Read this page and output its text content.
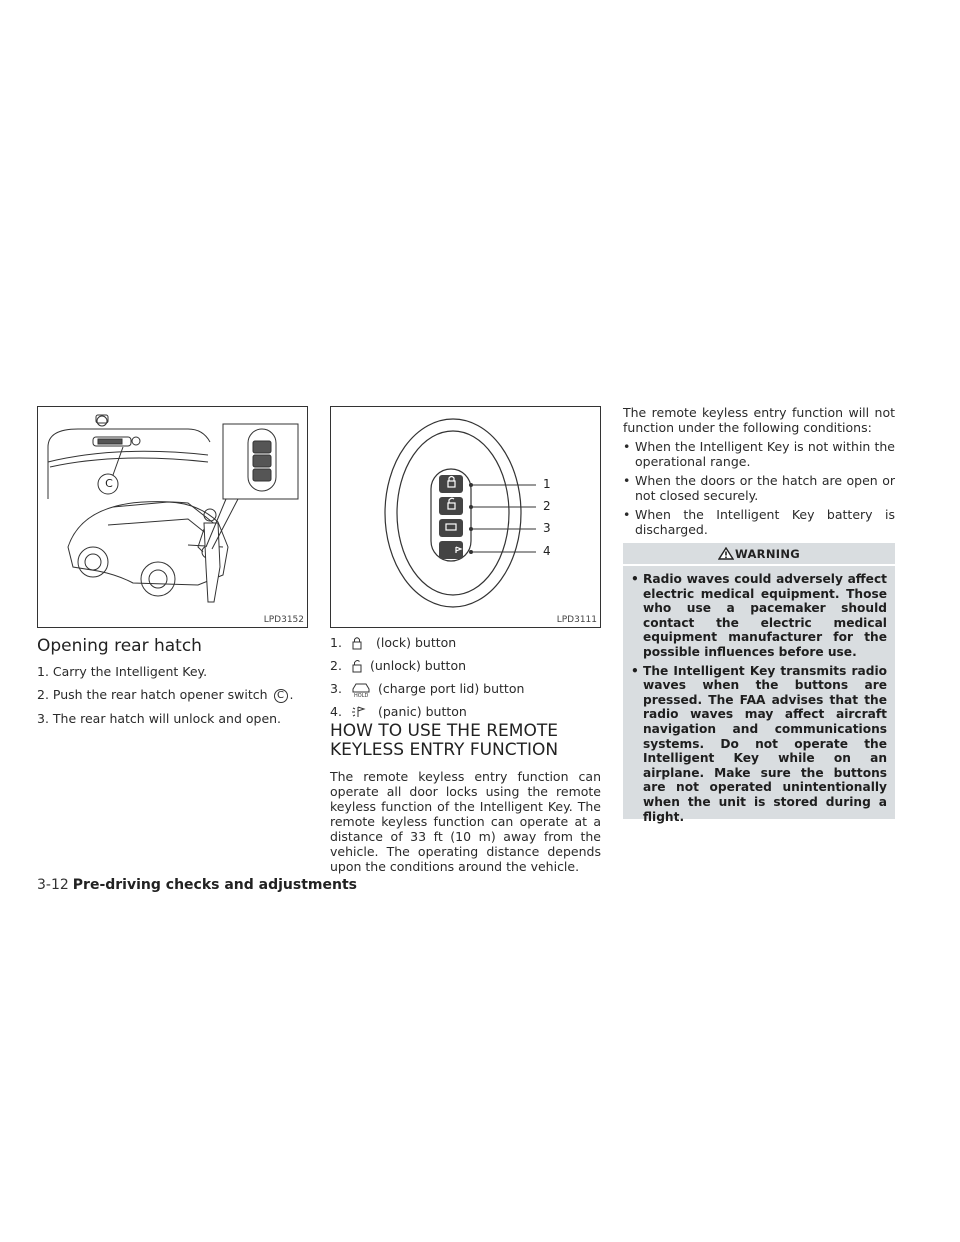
LPD3152
C	1
2
3
4
LPD3111
Opening rear hatch
1. Carry the Intelligent Key.
2. Push the rear hatch opener switch C .
3. The rear hatch will unlock and open.
1.	(lock) button
2. (unlock) button
3. HOLD (charge port lid) button
4.	(panic) button
HOW TO USE THE REMOTE
KEYLESS ENTRY FUNCTION

The remote keyless entry function can operate all door locks using the remote keyless function of the Intelligent Key. The remote keyless function can operate at a distance of 33 ft (10 m) away from the vehicle. The operating distance depends upon the conditions around the vehicle.

The remote keyless entry function will not function under the following conditions:

• When the Intelligent Key is not within the operational range.
• When the doors or the hatch are open or not closed securely.
• When the Intelligent Key battery is discharged.
WARNING
• Radio waves could adversely affect electric medical equipment. Those who use a pacemaker should contact the electric medical equipment manufacturer for the possible influences before use.
• The Intelligent Key transmits radio waves when the buttons are pressed. The FAA advises that the radio waves may affect aircraft navigation and communications systems. Do not operate the Intelligent Key while on an airplane. Make sure the buttons are not operated unintentionally when the unit is stored during a flight.
3-12 Pre-driving checks and adjustments
